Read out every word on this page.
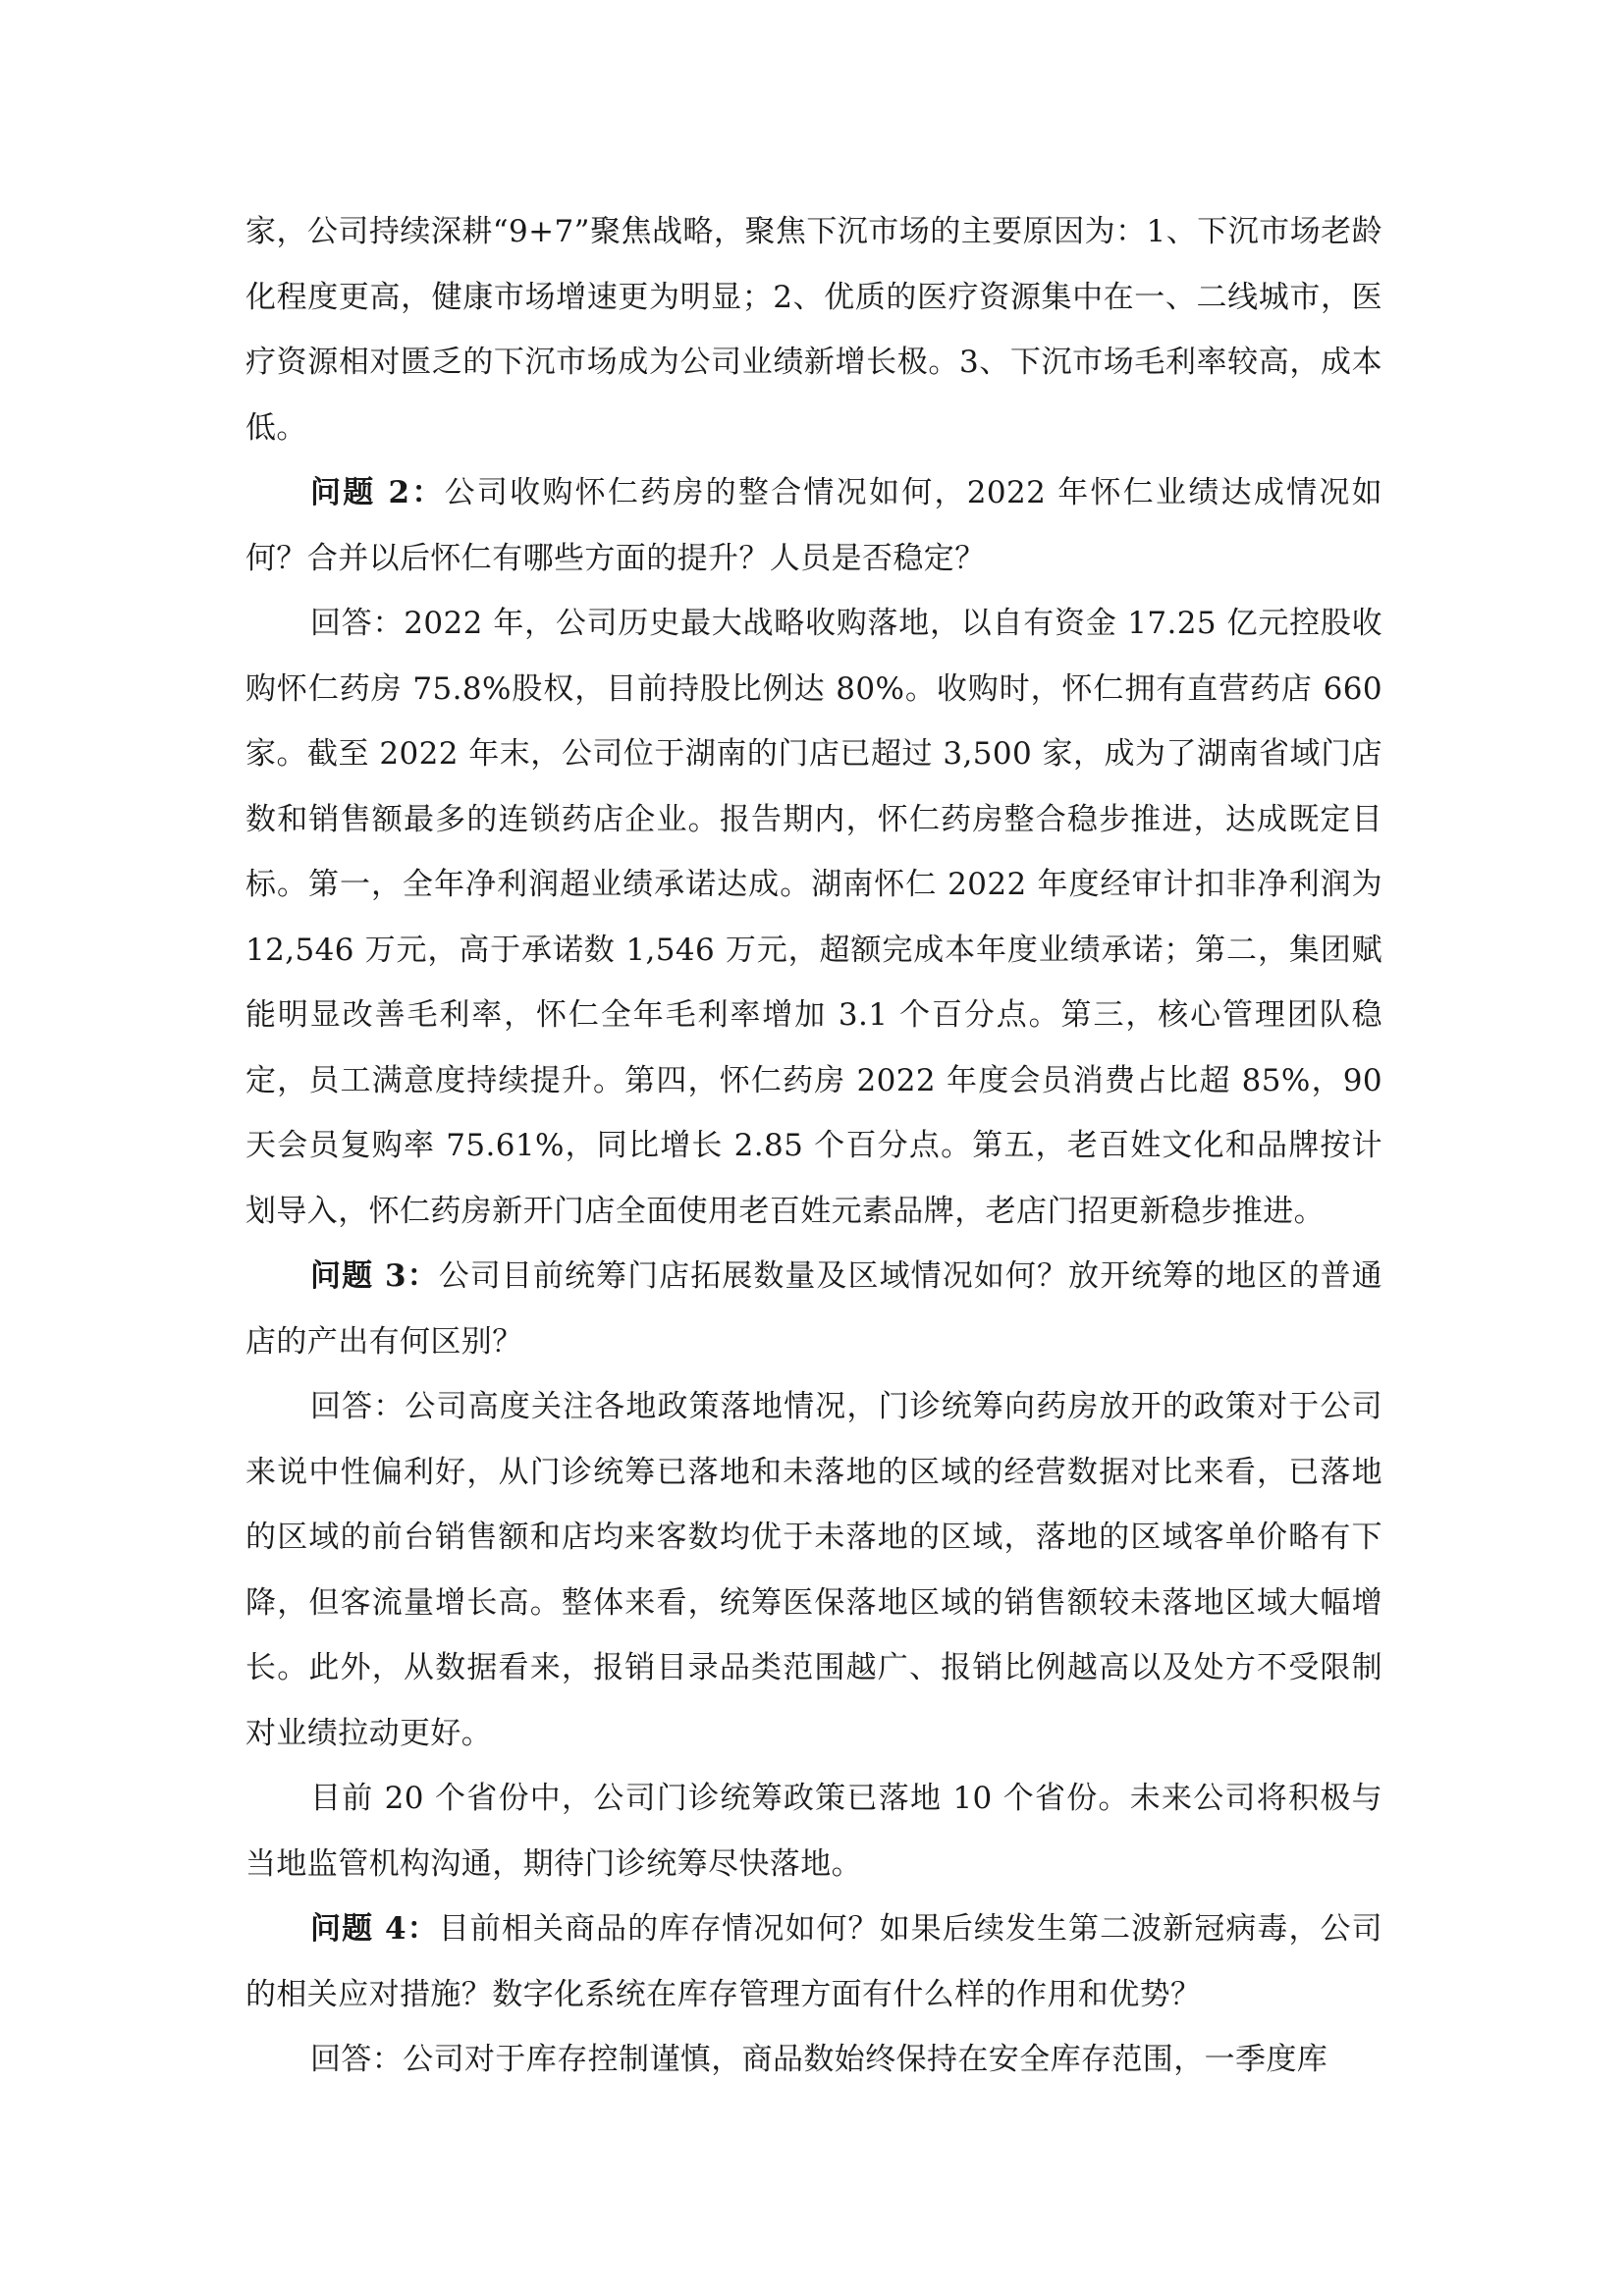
家，公司持续深耕“9+7”聚焦战略，聚焦下沉市场的主要原因为：1、下沉市场老龄化程度更高，健康市场增速更为明显；2、优质的医疗资源集中在一、二线城市，医疗资源相对匮乏的下沉市场成为公司业绩新增长极。3、下沉市场毛利率较高，成本低。

问题 2：公司收购怀仁药房的整合情况如何，2022 年怀仁业绩达成情况如何？合并以后怀仁有哪些方面的提升？人员是否稳定？

回答：2022 年，公司历史最大战略收购落地，以自有资金 17.25 亿元控股收购怀仁药房 75.8%股权，目前持股比例达 80%。收购时，怀仁拥有直营药店 660 家。截至 2022 年末，公司位于湖南的门店已超过 3,500 家，成为了湖南省域门店数和销售额最多的连锁药店企业。报告期内，怀仁药房整合稳步推进，达成既定目标。第一，全年净利润超业绩承诺达成。湖南怀仁 2022 年度经审计扣非净利润为 12,546 万元，高于承诺数 1,546 万元，超额完成本年度业绩承诺；第二，集团赋能明显改善毛利率，怀仁全年毛利率增加 3.1 个百分点。第三，核心管理团队稳定，员工满意度持续提升。第四，怀仁药房 2022 年度会员消费占比超 85%，90 天会员复购率 75.61%，同比增长 2.85 个百分点。第五，老百姓文化和品牌按计划导入，怀仁药房新开门店全面使用老百姓元素品牌，老店门招更新稳步推进。

问题 3：公司目前统筹门店拓展数量及区域情况如何？放开统筹的地区的普通店的产出有何区别？

回答：公司高度关注各地政策落地情况，门诊统筹向药房放开的政策对于公司来说中性偏利好，从门诊统筹已落地和未落地的区域的经营数据对比来看，已落地的区域的前台销售额和店均来客数均优于未落地的区域，落地的区域客单价略有下降，但客流量增长高。整体来看，统筹医保落地区域的销售额较未落地区域大幅增长。此外，从数据看来，报销目录品类范围越广、报销比例越高以及处方不受限制对业绩拉动更好。

目前 20 个省份中，公司门诊统筹政策已落地 10 个省份。未来公司将积极与当地监管机构沟通，期待门诊统筹尽快落地。

问题 4：目前相关商品的库存情况如何？如果后续发生第二波新冠病毒，公司的相关应对措施？数字化系统在库存管理方面有什么样的作用和优势？

回答：公司对于库存控制谨慎，商品数始终保持在安全库存范围，一季度库
